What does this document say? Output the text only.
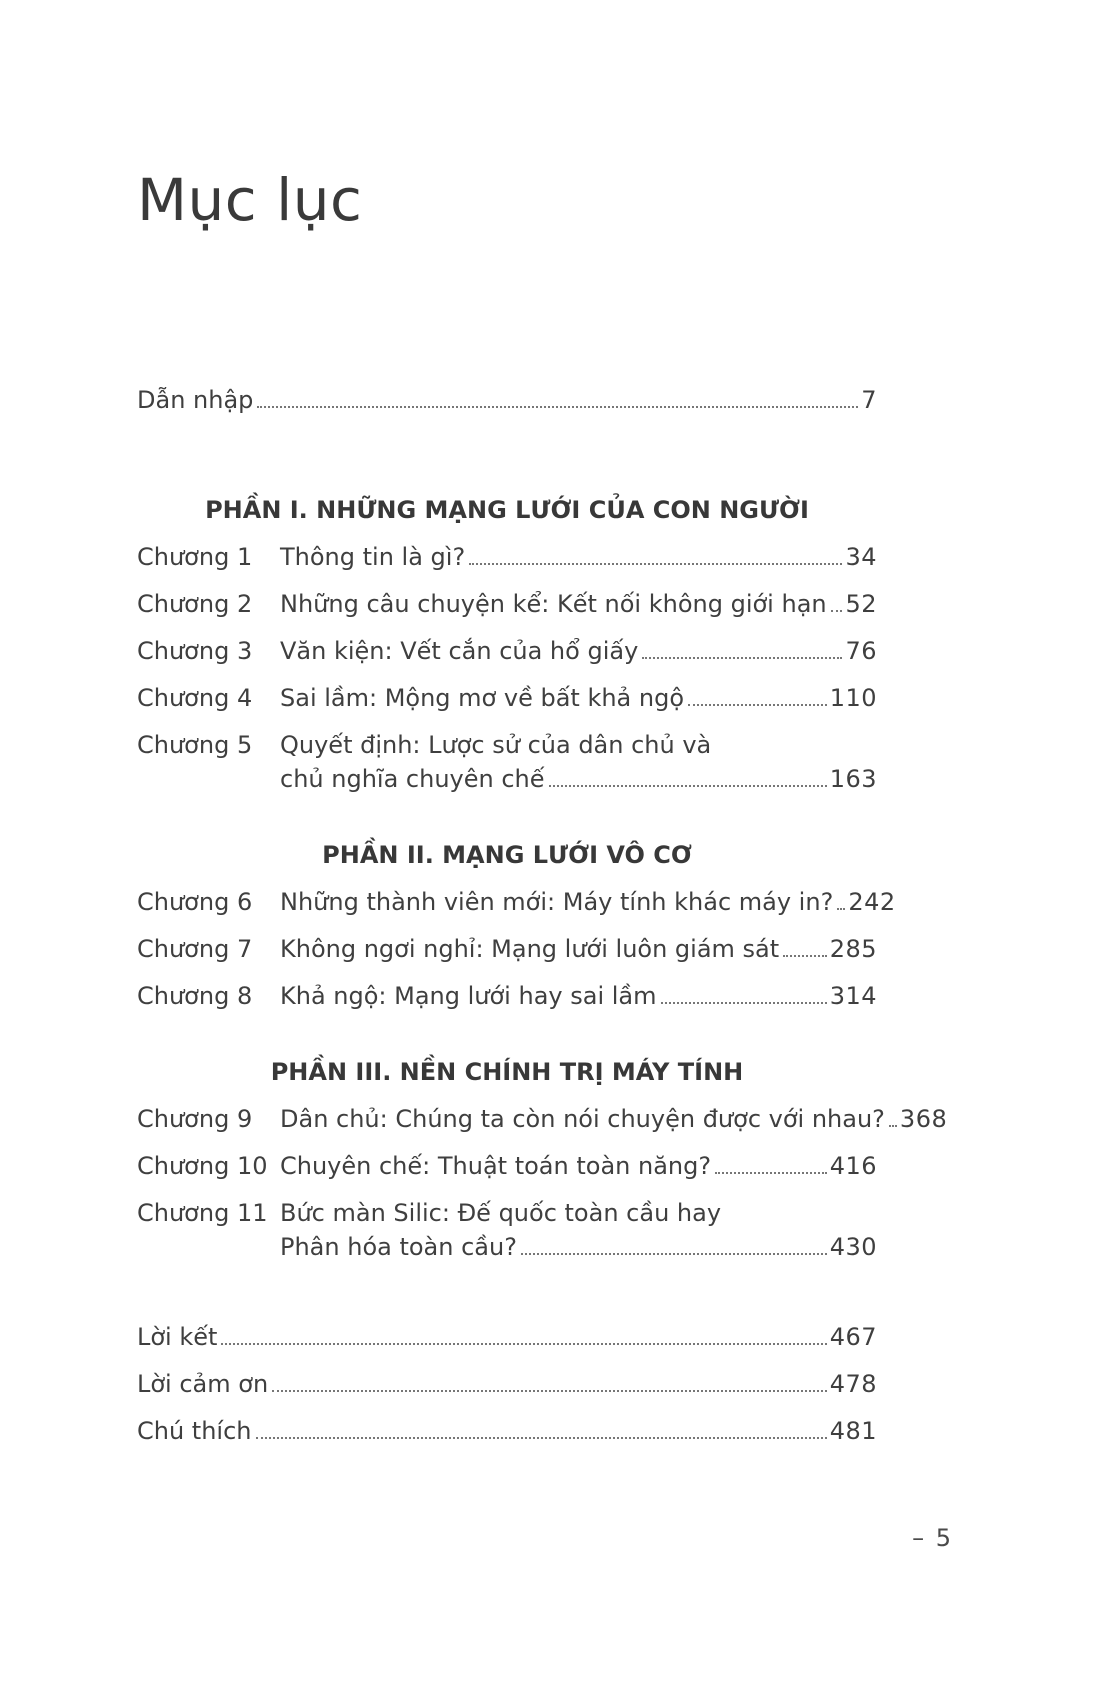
Mục lục
Dẫn nhập	7
PHẦN I. NHỮNG MẠNG LƯỚI CỦA CON NGƯỜI
Chương 1	Thông tin là gì?	34
Chương 2	Những câu chuyện kể: Kết nối không giới hạn 52
Chương 3	Văn kiện: Vết cắn của hổ giấy	76
Chương 4	Sai lầm: Mộng mơ về bất khả ngộ	110
Chương 5	Quyết định: Lược sử của dân chủ và
chủ nghĩa chuyên chế	163
PHẦN II. MẠNG LƯỚI VÔ CƠ
Chương 6	Những thành viên mới: Máy tính khác máy in? 242
Chương 7	Không ngơi nghỉ: Mạng lưới luôn giám sát 285
Chương 8	Khả ngộ: Mạng lưới hay sai lầm	314
PHẦN III. NỀN CHÍNH TRỊ MÁY TÍNH
Chương 9	Dân chủ: Chúng ta còn nói chuyện được với nhau? 368
Chương 10 Chuyên chế: Thuật toán toàn năng?	416
Chương 11 Bức màn Silic: Đế quốc toàn cầu hay
Phân hóa toàn cầu?	430
Lời kết	467
Lời cảm ơn	478
Chú thích	481
– 5
